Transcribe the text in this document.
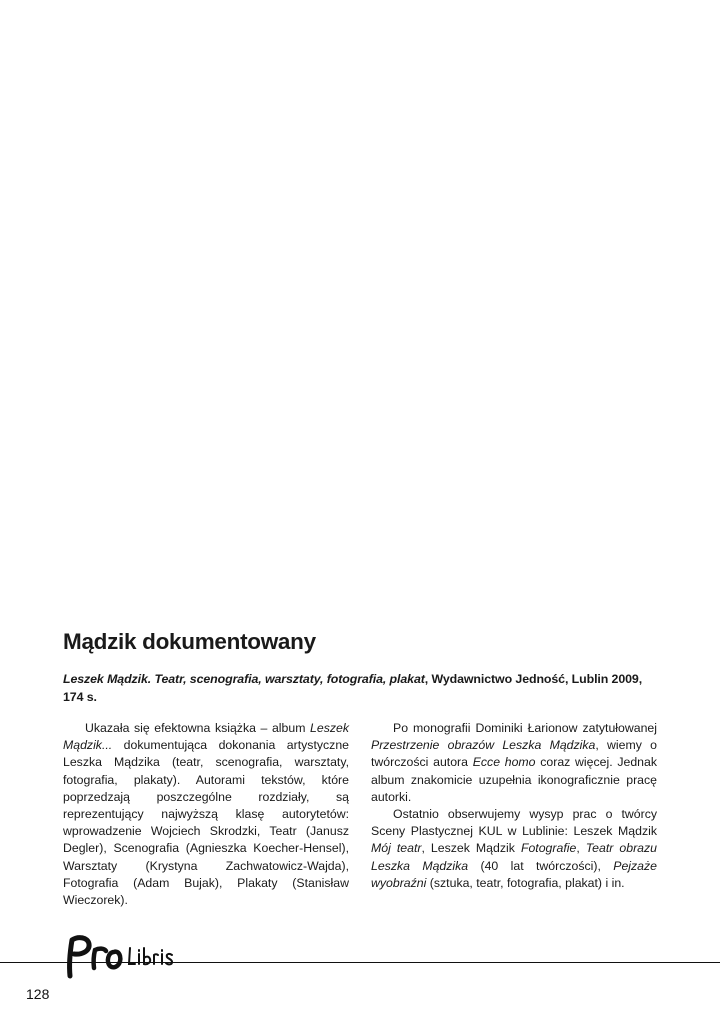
Mądzik dokumentowany

Leszek Mądzik. Teatr, scenografia, warsztaty, fotografia, plakat, Wydawnictwo Jedność, Lublin 2009, 174 s.

Ukazała się efektowna książka – album Leszek Mądzik... dokumentująca dokonania artystyczne Leszka Mądzika (teatr, scenografia, warsztaty, fotografia, plakaty). Autorami tekstów, które poprzedzają poszczególne rozdziały, są reprezentujący najwyższą klasę autorytetów: wprowadzenie Wojciech Skrodzki, Teatr (Janusz Degler), Scenografia (Agnieszka Koecher-Hensel), Warsztaty (Krystyna Zachwatowicz-Wajda), Fotografia (Adam Bujak), Plakaty (Stanisław Wieczorek).

Po monografii Dominiki Łarionow zatytułowanej Przestrzenie obrazów Leszka Mądzika, wiemy o twórczości autora Ecce homo coraz więcej. Jednak album znakomicie uzupełnia ikonograficznie pracę autorki.

Ostatnio obserwujemy wysyp prac o twórcy Sceny Plastycznej KUL w Lublinie: Leszek Mądzik Mój teatr, Leszek Mądzik Fotografie, Teatr obrazu Leszka Mądzika (40 lat twórczości), Pejzaże wyobraźni (sztuka, teatr, fotografia, plakat) i in.

128
